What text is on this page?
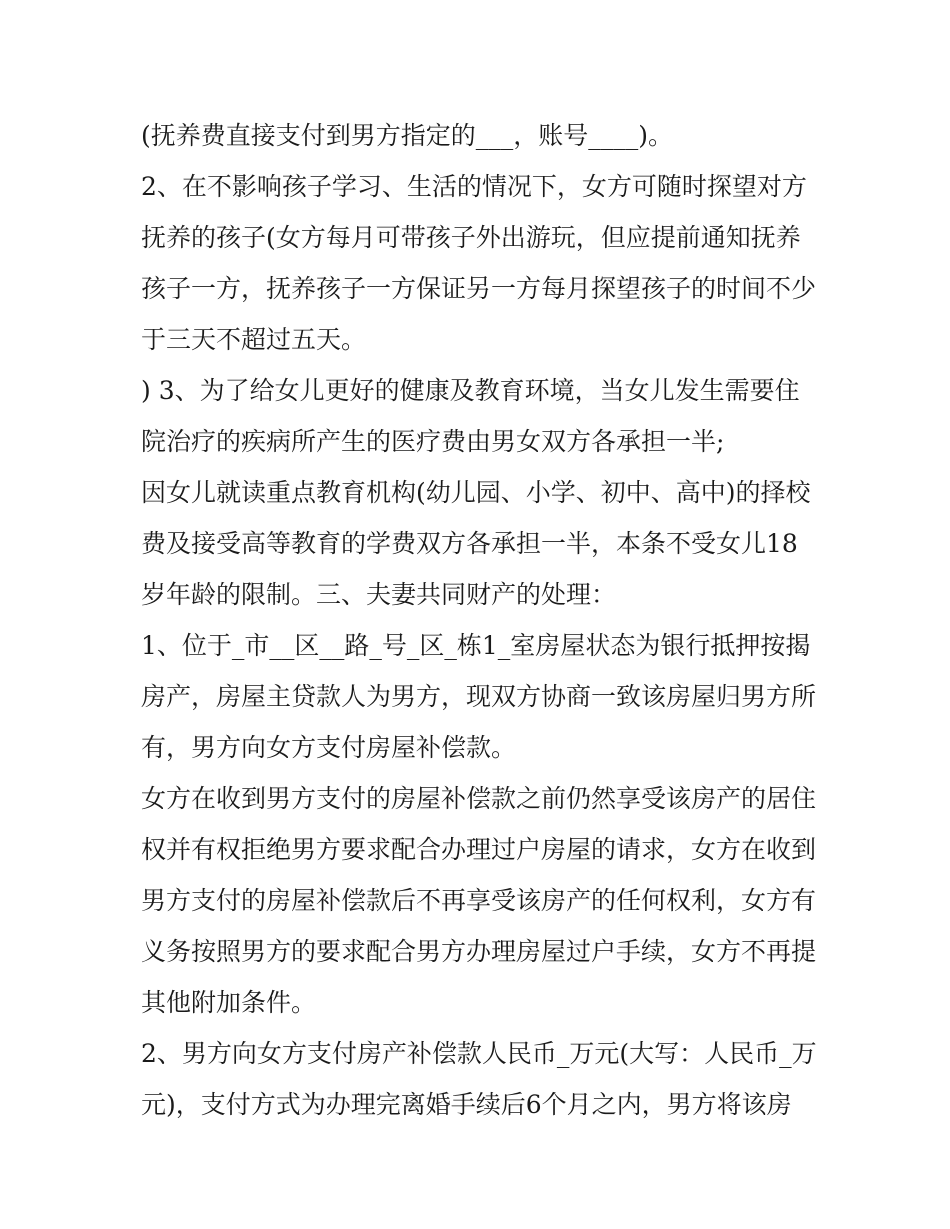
(抚养费直接支付到男方指定的___，账号____)。
2、在不影响孩子学习、生活的情况下，女方可随时探望对方
抚养的孩子(女方每月可带孩子外出游玩，但应提前通知抚养
孩子一方，抚养孩子一方保证另一方每月探望孩子的时间不少
于三天不超过五天。
) 3、为了给女儿更好的健康及教育环境，当女儿发生需要住
院治疗的疾病所产生的医疗费由男女双方各承担一半;
因女儿就读重点教育机构(幼儿园、小学、初中、高中)的择校
费及接受高等教育的学费双方各承担一半，本条不受女儿18
岁年龄的限制。三、夫妻共同财产的处理：
1、位于_市__区__路_号_区_栋1_室房屋状态为银行抵押按揭
房产，房屋主贷款人为男方，现双方协商一致该房屋归男方所
有，男方向女方支付房屋补偿款。
女方在收到男方支付的房屋补偿款之前仍然享受该房产的居住
权并有权拒绝男方要求配合办理过户房屋的请求，女方在收到
男方支付的房屋补偿款后不再享受该房产的任何权利，女方有
义务按照男方的要求配合男方办理房屋过户手续，女方不再提
其他附加条件。
2、男方向女方支付房产补偿款人民币_万元(大写：人民币_万
元)，支付方式为办理完离婚手续后6个月之内，男方将该房
